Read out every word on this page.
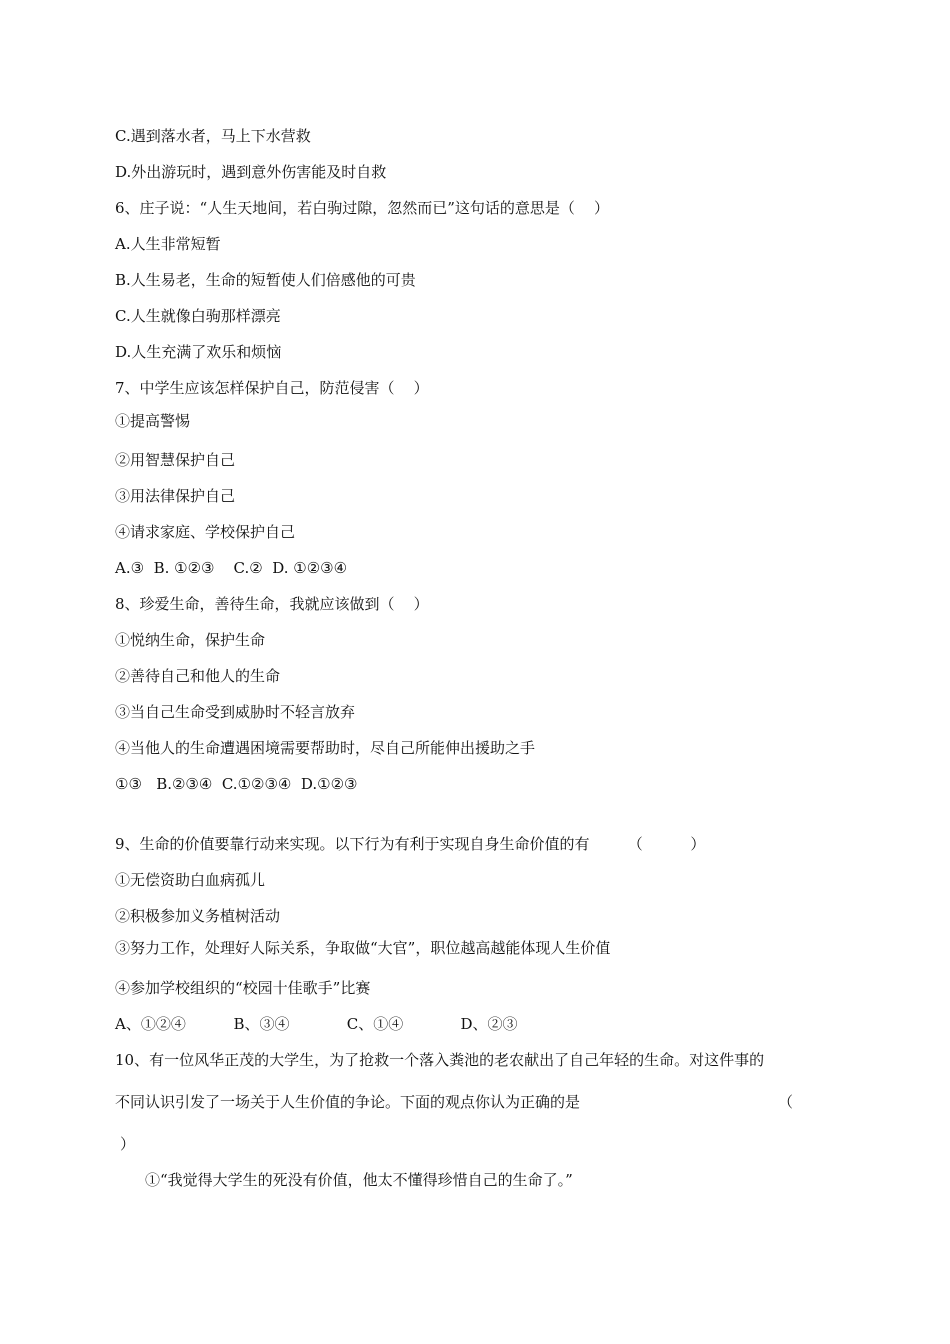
C.遇到落水者，马上下水营救
D.外出游玩时，遇到意外伤害能及时自救
6、庄子说：“人生天地间，若白驹过隙，忽然而已”这句话的意思是（    ）
A.人生非常短暂
B.人生易老，生命的短暂使人们倍感他的可贵
C.人生就像白驹那样漂亮
D.人生充满了欢乐和烦恼
7、中学生应该怎样保护自己，防范侵害（    ）
①提高警惕
②用智慧保护自己
③用法律保护自己
④请求家庭、学校保护自己
A.③  B. ①②③    C.②  D. ①②③④
8、珍爱生命，善待生命，我就应该做到（    ）
①悦纳生命，保护生命
②善待自己和他人的生命
③当自己生命受到威胁时不轻言放弃
④当他人的生命遭遇困境需要帮助时，尽自己所能伸出援助之手
①③   B.②③④  C.①②③④  D.①②③
9、生命的价值要靠行动来实现。以下行为有利于实现自身生命价值的有        （          ）
①无偿资助白血病孤儿
②积极参加义务植树活动
③努力工作，处理好人际关系，争取做“大官”，职位越高越能体现人生价值
④参加学校组织的“校园十佳歌手”比赛
A、①②④          B、③④            C、①④            D、②③
10、有一位风华正茂的大学生，为了抢救一个落入粪池的老农献出了自己年轻的生命。对这件事的
不同认识引发了一场关于人生价值的争论。下面的观点你认为正确的是	（
）
①“我觉得大学生的死没有价值，他太不懂得珍惜自己的生命了。”
